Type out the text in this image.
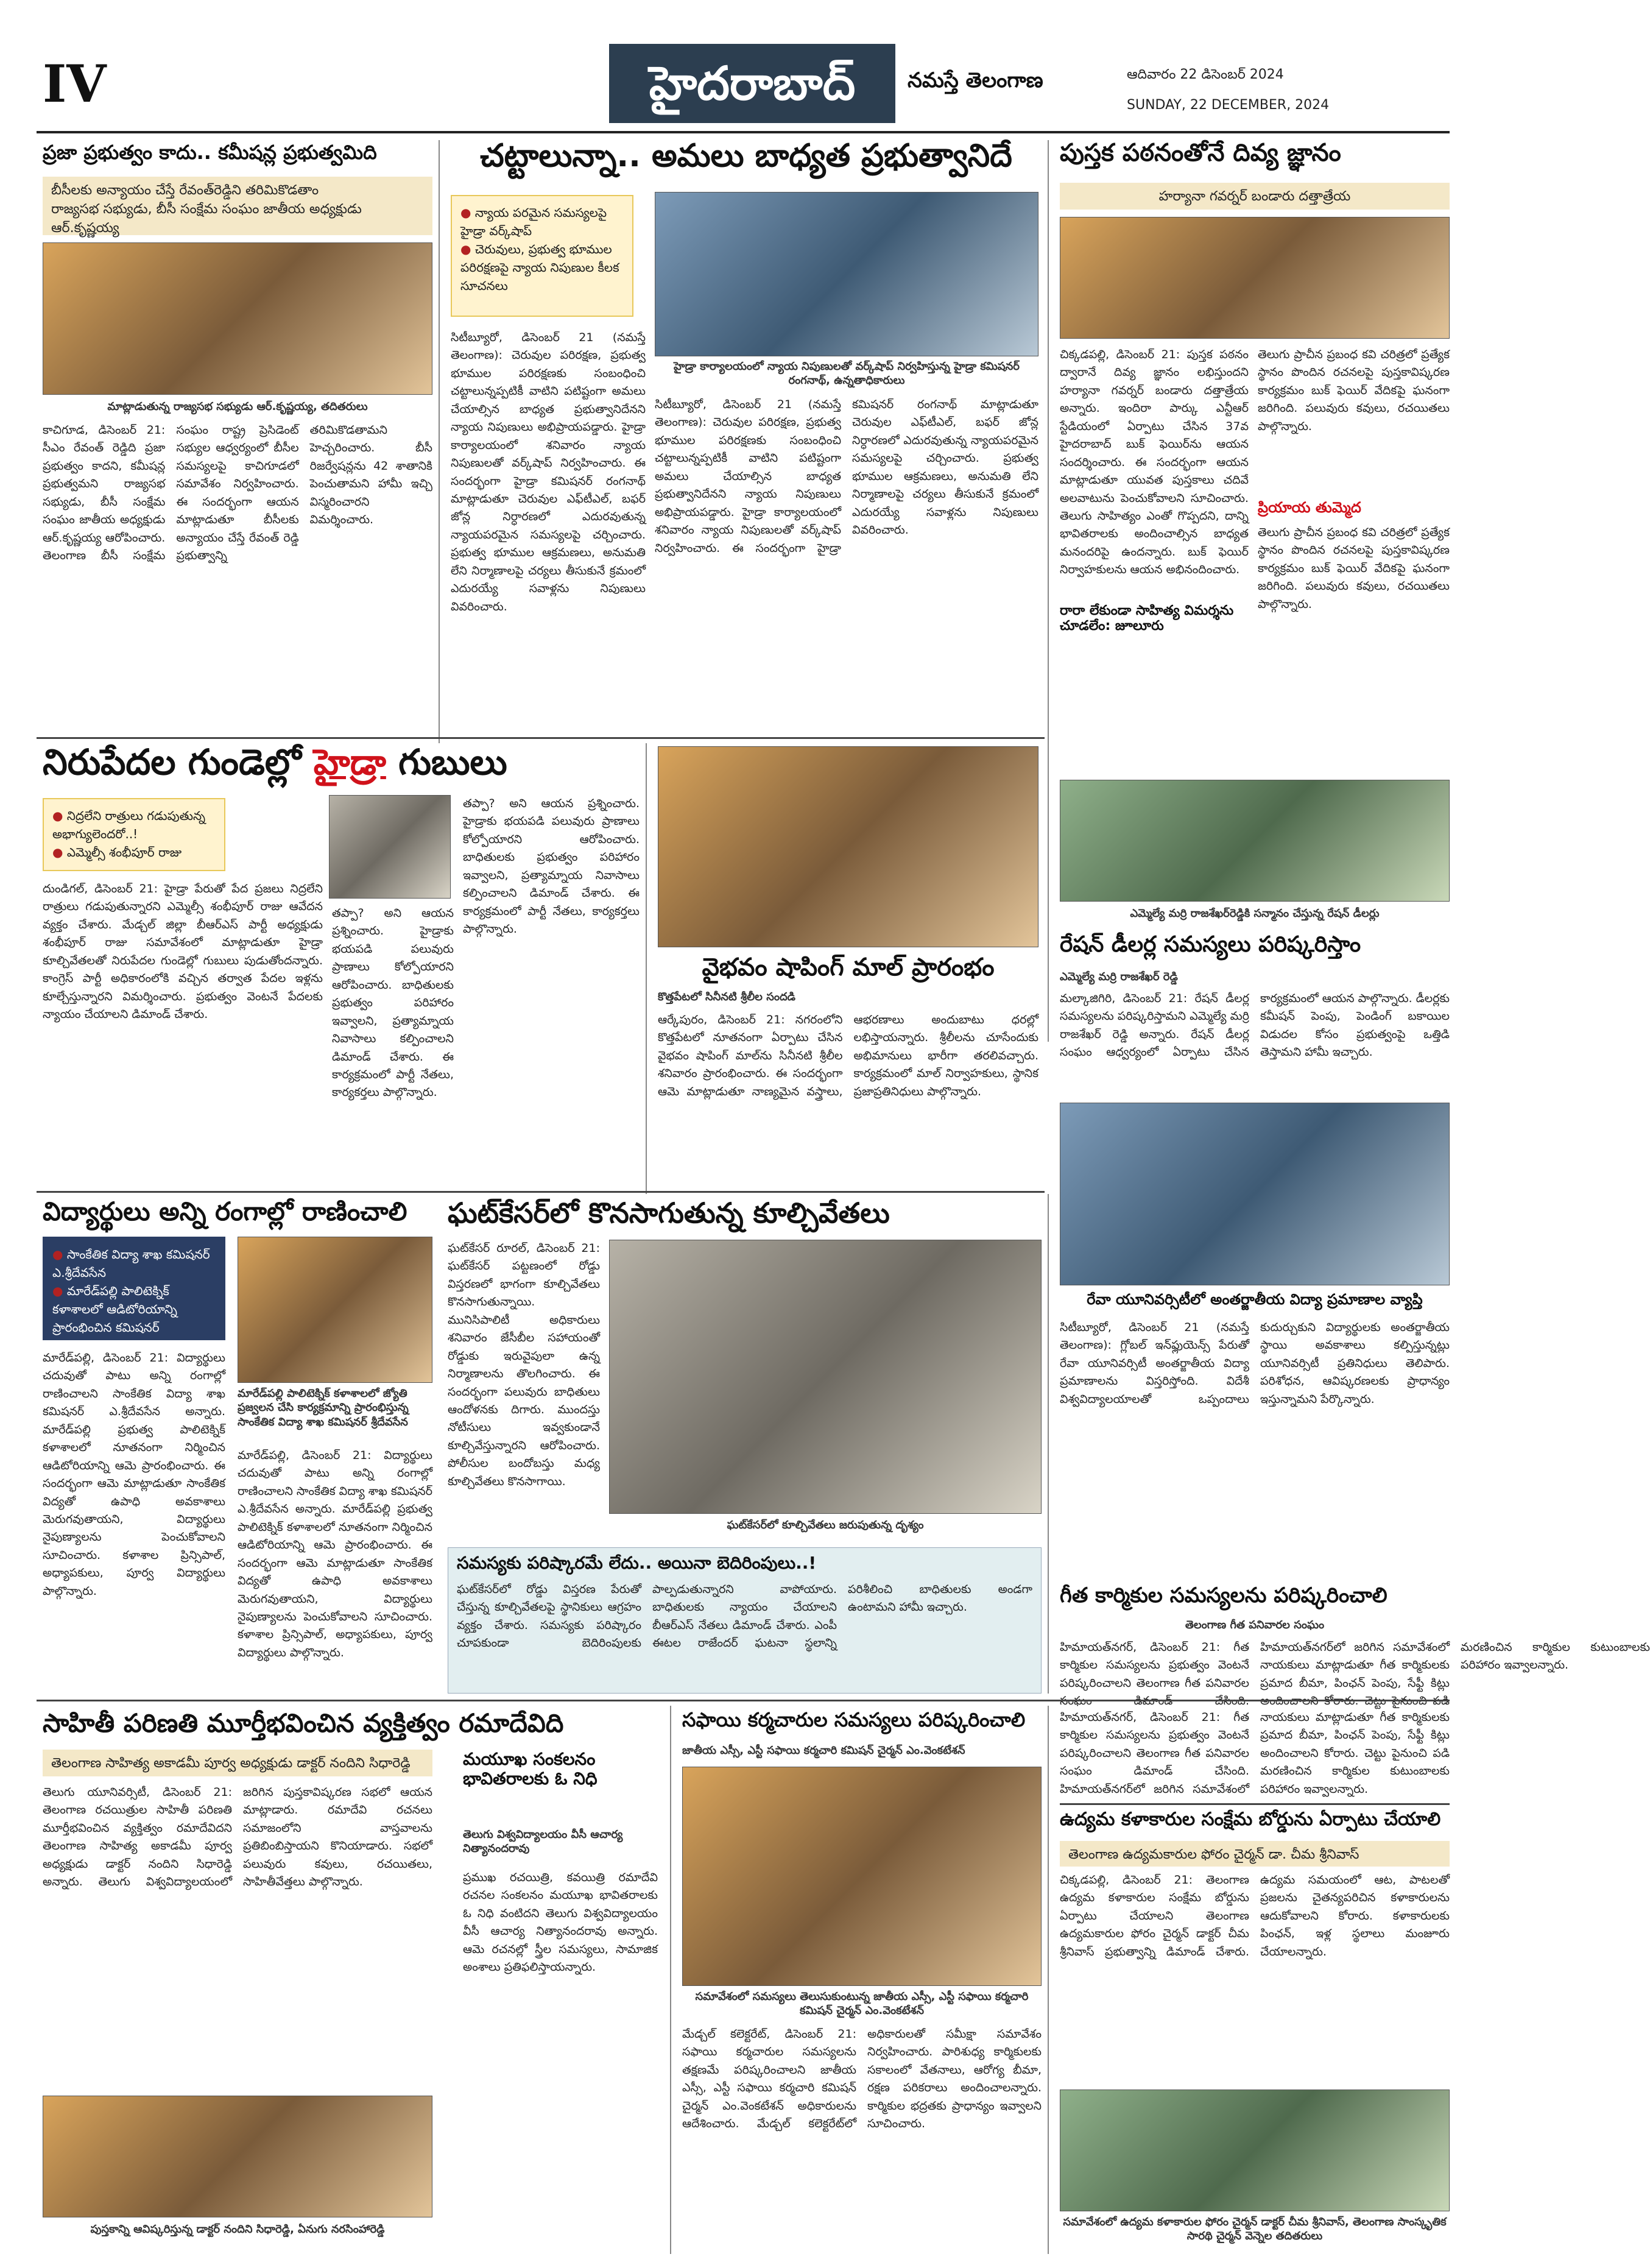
IV	హైదరాబాద్	నమస్తే తెలంగాణ	ఆదివారం 22 డిసెంబర్ 2024
SUNDAY, 22 DECEMBER, 2024
ప్రజా ప్రభుత్వం కాదు.. కమీషన్ల ప్రభుత్వమిది
బీసీలకు అన్యాయం చేస్తే రేవంత్‌రెడ్డిని తరిమికొడతాం
రాజ్యసభ సభ్యుడు, బీసీ సంక్షేమ సంఘం జాతీయ అధ్యక్షుడు ఆర్.కృష్ణయ్య
మాట్లాడుతున్న రాజ్యసభ సభ్యుడు ఆర్.కృష్ణయ్య, తదితరులు
కాచిగూడ, డిసెంబర్ 21: సీఎం రేవంత్ రెడ్డిది ప్రజా ప్రభుత్వం కాదని, కమీషన్ల ప్రభుత్వమని రాజ్యసభ సభ్యుడు, బీసీ సంక్షేమ సంఘం జాతీయ అధ్యక్షుడు ఆర్.కృష్ణయ్య ఆరోపించారు. తెలంగాణ బీసీ సంక్షేమ సంఘం రాష్ట్ర ప్రెసిడెంట్ సభ్యుల ఆధ్వర్యంలో బీసీల సమస్యలపై కాచిగూడలో సమావేశం నిర్వహించారు. ఈ సందర్భంగా ఆయన మాట్లాడుతూ బీసీలకు అన్యాయం చేస్తే రేవంత్ రెడ్డి ప్రభుత్వాన్ని తరిమికొడతామని హెచ్చరించారు. బీసీ రిజర్వేషన్లను 42 శాతానికి పెంచుతామని హామీ ఇచ్చి విస్మరించారని విమర్శించారు.
చట్టాలున్నా.. అమలు బాధ్యత ప్రభుత్వానిదే
● న్యాయ పరమైన సమస్యలపై హైడ్రా వర్క్‌షాప్
● చెరువులు, ప్రభుత్వ భూముల పరిరక్షణపై న్యాయ నిపుణుల కీలక సూచనలు
హైడ్రా కార్యాలయంలో న్యాయ నిపుణులతో వర్క్‌షాప్ నిర్వహిస్తున్న హైడ్రా కమిషనర్ రంగనాథ్, ఉన్నతాధికారులు
సిటీబ్యూరో, డిసెంబర్ 21 (నమస్తే తెలంగాణ): చెరువుల పరిరక్షణ, ప్రభుత్వ భూముల పరిరక్షణకు సంబంధించి చట్టాలున్నప్పటికీ వాటిని పటిష్టంగా అమలు చేయాల్సిన బాధ్యత ప్రభుత్వానిదేనని న్యాయ నిపుణులు అభిప్రాయపడ్డారు. హైడ్రా కార్యాలయంలో శనివారం న్యాయ నిపుణులతో వర్క్‌షాప్ నిర్వహించారు. ఈ సందర్భంగా హైడ్రా కమిషనర్ రంగనాథ్ మాట్లాడుతూ చెరువుల ఎఫ్‌టీఎల్, బఫర్ జోన్ల నిర్ధారణలో ఎదురవుతున్న న్యాయపరమైన సమస్యలపై చర్చించారు. ప్రభుత్వ భూముల ఆక్రమణలు, అనుమతి లేని నిర్మాణాలపై చర్యలు తీసుకునే క్రమంలో ఎదురయ్యే సవాళ్లను నిపుణులు వివరించారు.
సిటీబ్యూరో, డిసెంబర్ 21 (నమస్తే తెలంగాణ): చెరువుల పరిరక్షణ, ప్రభుత్వ భూముల పరిరక్షణకు సంబంధించి చట్టాలున్నప్పటికీ వాటిని పటిష్టంగా అమలు చేయాల్సిన బాధ్యత ప్రభుత్వానిదేనని న్యాయ నిపుణులు అభిప్రాయపడ్డారు. హైడ్రా కార్యాలయంలో శనివారం న్యాయ నిపుణులతో వర్క్‌షాప్ నిర్వహించారు. ఈ సందర్భంగా హైడ్రా కమిషనర్ రంగనాథ్ మాట్లాడుతూ చెరువుల ఎఫ్‌టీఎల్, బఫర్ జోన్ల నిర్ధారణలో ఎదురవుతున్న న్యాయపరమైన సమస్యలపై చర్చించారు. ప్రభుత్వ భూముల ఆక్రమణలు, అనుమతి లేని నిర్మాణాలపై చర్యలు తీసుకునే క్రమంలో ఎదురయ్యే సవాళ్లను నిపుణులు వివరించారు.
పుస్తక పఠనంతోనే దివ్య జ్ఞానం
హర్యానా గవర్నర్ బండారు దత్తాత్రేయ
చిక్కడపల్లి, డిసెంబర్ 21: పుస్తక పఠనం ద్వారానే దివ్య జ్ఞానం లభిస్తుందని హర్యానా గవర్నర్ బండారు దత్తాత్రేయ అన్నారు. ఇందిరా పార్కు ఎన్టీఆర్ స్టేడియంలో ఏర్పాటు చేసిన 37వ హైదరాబాద్ బుక్ ఫెయిర్‌ను ఆయన సందర్శించారు. ఈ సందర్భంగా ఆయన మాట్లాడుతూ యువత పుస్తకాలు చదివే అలవాటును పెంచుకోవాలని సూచించారు. తెలుగు సాహిత్యం ఎంతో గొప్పదని, దాన్ని భావితరాలకు అందించాల్సిన బాధ్యత మనందరిపై ఉందన్నారు. బుక్ ఫెయిర్ నిర్వాహకులను ఆయన అభినందించారు.
తెలుగు ప్రాచీన ప్రబంధ కవి చరిత్రలో ప్రత్యేక స్థానం పొందిన రచనలపై పుస్తకావిష్కరణ కార్యక్రమం బుక్ ఫెయిర్ వేదికపై ఘనంగా జరిగింది. పలువురు కవులు, రచయితలు పాల్గొన్నారు.
రారా లేకుండా సాహిత్య విమర్శను చూడలేం: జూలూరు
ప్రియాయ తుమ్మెద
తెలుగు ప్రాచీన ప్రబంధ కవి చరిత్రలో ప్రత్యేక స్థానం పొందిన రచనలపై పుస్తకావిష్కరణ కార్యక్రమం బుక్ ఫెయిర్ వేదికపై ఘనంగా జరిగింది. పలువురు కవులు, రచయితలు పాల్గొన్నారు.
నిరుపేదల గుండెల్లో హైడ్రా గుబులు
● నిద్రలేని రాత్రులు గడుపుతున్న అభాగ్యులెందరో..!
● ఎమ్మెల్సీ శంభీపూర్ రాజు
దుండిగల్, డిసెంబర్ 21: హైడ్రా పేరుతో పేద ప్రజలు నిద్రలేని రాత్రులు గడుపుతున్నారని ఎమ్మెల్సీ శంభీపూర్ రాజు ఆవేదన వ్యక్తం చేశారు. మేడ్చల్ జిల్లా బీఆర్ఎస్ పార్టీ అధ్యక్షుడు శంభీపూర్ రాజు సమావేశంలో మాట్లాడుతూ హైడ్రా కూల్చివేతలతో నిరుపేదల గుండెల్లో గుబులు పుడుతోందన్నారు. కాంగ్రెస్ పార్టీ అధికారంలోకి వచ్చిన తర్వాత పేదల ఇళ్లను కూల్చేస్తున్నారని విమర్శించారు. ప్రభుత్వం వెంటనే పేదలకు న్యాయం చేయాలని డిమాండ్ చేశారు.
తప్పా? అని ఆయన ప్రశ్నించారు. హైడ్రాకు భయపడి పలువురు ప్రాణాలు కోల్పోయారని ఆరోపించారు. బాధితులకు ప్రభుత్వం పరిహారం ఇవ్వాలని, ప్రత్యామ్నాయ నివాసాలు కల్పించాలని డిమాండ్ చేశారు. ఈ కార్యక్రమంలో పార్టీ నేతలు, కార్యకర్తలు పాల్గొన్నారు.
తప్పా? అని ఆయన ప్రశ్నించారు. హైడ్రాకు భయపడి పలువురు ప్రాణాలు కోల్పోయారని ఆరోపించారు. బాధితులకు ప్రభుత్వం పరిహారం ఇవ్వాలని, ప్రత్యామ్నాయ నివాసాలు కల్పించాలని డిమాండ్ చేశారు. ఈ కార్యక్రమంలో పార్టీ నేతలు, కార్యకర్తలు పాల్గొన్నారు.
వైభవం షాపింగ్ మాల్ ప్రారంభం
కొత్తపేటలో సినీనటి శ్రీలీల సందడి
ఆర్కేపురం, డిసెంబర్ 21: నగరంలోని కొత్తపేటలో నూతనంగా ఏర్పాటు చేసిన వైభవం షాపింగ్ మాల్‌ను సినీనటి శ్రీలీల శనివారం ప్రారంభించారు. ఈ సందర్భంగా ఆమె మాట్లాడుతూ నాణ్యమైన వస్త్రాలు, ఆభరణాలు అందుబాటు ధరల్లో లభిస్తాయన్నారు. శ్రీలీలను చూసేందుకు అభిమానులు భారీగా తరలివచ్చారు. కార్యక్రమంలో మాల్ నిర్వాహకులు, స్థానిక ప్రజాప్రతినిధులు పాల్గొన్నారు.
ఎమ్మెల్యే మర్రి రాజశేఖర్‌రెడ్డికి సన్మానం చేస్తున్న రేషన్ డీలర్లు
రేషన్ డీలర్ల సమస్యలు పరిష్కరిస్తాం
ఎమ్మెల్యే మర్రి రాజశేఖర్ రెడ్డి
మల్కాజిగిరి, డిసెంబర్ 21: రేషన్ డీలర్ల సమస్యలను పరిష్కరిస్తామని ఎమ్మెల్యే మర్రి రాజశేఖర్ రెడ్డి అన్నారు. రేషన్ డీలర్ల సంఘం ఆధ్వర్యంలో ఏర్పాటు చేసిన కార్యక్రమంలో ఆయన పాల్గొన్నారు. డీలర్లకు కమీషన్ పెంపు, పెండింగ్ బకాయిల విడుదల కోసం ప్రభుత్వంపై ఒత్తిడి తెస్తామని హామీ ఇచ్చారు.
రేవా యూనివర్సిటీలో అంతర్జాతీయ విద్యా ప్రమాణాల వ్యాప్తి
సిటీబ్యూరో, డిసెంబర్ 21 (నమస్తే తెలంగాణ): గ్లోబల్ ఇన్‌ఫ్లుయెన్స్ పేరుతో రేవా యూనివర్సిటీ అంతర్జాతీయ విద్యా ప్రమాణాలను విస్తరిస్తోంది. విదేశీ విశ్వవిద్యాలయాలతో ఒప్పందాలు కుదుర్చుకుని విద్యార్థులకు అంతర్జాతీయ స్థాయి అవకాశాలు కల్పిస్తున్నట్లు యూనివర్సిటీ ప్రతినిధులు తెలిపారు. పరిశోధన, ఆవిష్కరణలకు ప్రాధాన్యం ఇస్తున్నామని పేర్కొన్నారు.
విద్యార్థులు అన్ని రంగాల్లో రాణించాలి
● సాంకేతిక విద్యా శాఖ కమిషనర్ ఎ.శ్రీదేవసేన
● మారేడ్‌పల్లి పాలిటెక్నిక్ కళాశాలలో ఆడిటోరియాన్ని ప్రారంభించిన కమిషనర్
మారేడ్‌పల్లి పాలిటెక్నిక్ కళాశాలలో జ్యోతి ప్రజ్వలన చేసి కార్యక్రమాన్ని ప్రారంభిస్తున్న సాంకేతిక విద్యా శాఖ కమిషనర్ శ్రీదేవసేన
మారేడ్‌పల్లి, డిసెంబర్ 21: విద్యార్థులు చదువుతో పాటు అన్ని రంగాల్లో రాణించాలని సాంకేతిక విద్యా శాఖ కమిషనర్ ఎ.శ్రీదేవసేన అన్నారు. మారేడ్‌పల్లి ప్రభుత్వ పాలిటెక్నిక్ కళాశాలలో నూతనంగా నిర్మించిన ఆడిటోరియాన్ని ఆమె ప్రారంభించారు. ఈ సందర్భంగా ఆమె మాట్లాడుతూ సాంకేతిక విద్యతో ఉపాధి అవకాశాలు మెరుగవుతాయని, విద్యార్థులు నైపుణ్యాలను పెంచుకోవాలని సూచించారు. కళాశాల ప్రిన్సిపాల్, అధ్యాపకులు, పూర్వ విద్యార్థులు పాల్గొన్నారు.
మారేడ్‌పల్లి, డిసెంబర్ 21: విద్యార్థులు చదువుతో పాటు అన్ని రంగాల్లో రాణించాలని సాంకేతిక విద్యా శాఖ కమిషనర్ ఎ.శ్రీదేవసేన అన్నారు. మారేడ్‌పల్లి ప్రభుత్వ పాలిటెక్నిక్ కళాశాలలో నూతనంగా నిర్మించిన ఆడిటోరియాన్ని ఆమె ప్రారంభించారు. ఈ సందర్భంగా ఆమె మాట్లాడుతూ సాంకేతిక విద్యతో ఉపాధి అవకాశాలు మెరుగవుతాయని, విద్యార్థులు నైపుణ్యాలను పెంచుకోవాలని సూచించారు. కళాశాల ప్రిన్సిపాల్, అధ్యాపకులు, పూర్వ విద్యార్థులు పాల్గొన్నారు.
ఘట్‌కేసర్‌లో కొనసాగుతున్న కూల్చివేతలు
ఘట్‌కేసర్ రూరల్, డిసెంబర్ 21: ఘట్‌కేసర్ పట్టణంలో రోడ్డు విస్తరణలో భాగంగా కూల్చివేతలు కొనసాగుతున్నాయి. మునిసిపాలిటీ అధికారులు శనివారం జేసీబీల సహాయంతో రోడ్డుకు ఇరువైపులా ఉన్న నిర్మాణాలను తొలగించారు. ఈ సందర్భంగా పలువురు బాధితులు ఆందోళనకు దిగారు. ముందస్తు నోటీసులు ఇవ్వకుండానే కూల్చివేస్తున్నారని ఆరోపించారు. పోలీసుల బందోబస్తు మధ్య కూల్చివేతలు కొనసాగాయి.
ఘట్‌కేసర్‌లో కూల్చివేతలు జరుపుతున్న దృశ్యం
సమస్యకు పరిష్కారమే లేదు.. అయినా బెదిరింపులు..!
ఘట్‌కేసర్‌లో రోడ్డు విస్తరణ పేరుతో చేస్తున్న కూల్చివేతలపై స్థానికులు ఆగ్రహం వ్యక్తం చేశారు. సమస్యకు పరిష్కారం చూపకుండా బెదిరింపులకు పాల్పడుతున్నారని వాపోయారు. బాధితులకు న్యాయం చేయాలని బీఆర్ఎస్ నేతలు డిమాండ్ చేశారు. ఎంపీ ఈటల రాజేందర్ ఘటనా స్థలాన్ని పరిశీలించి బాధితులకు అండగా ఉంటామని హామీ ఇచ్చారు.	గీత కార్మికుల సమస్యలను పరిష్కరించాలి
తెలంగాణ గీత పనివారల సంఘం
హిమాయత్‌నగర్, డిసెంబర్ 21: గీత కార్మికుల సమస్యలను ప్రభుత్వం వెంటనే పరిష్కరించాలని తెలంగాణ గీత పనివారల హిమాయత్‌నగర్‌లో జరిగిన సమావేశంలో నాయకులు మాట్లాడుతూ గీత కార్మికులకు ప్రమాద బీమా, పింఛన్ పెంపు, సేఫ్టీ కిట్లు మరణించిన కార్మికుల కుటుంబాలకు పరిహారం ఇవ్వాలన్నారు.
సాహితీ పరిణతి మూర్తీభవించిన వ్యక్తిత్వం రమాదేవిది
తెలంగాణ సాహిత్య అకాడమీ పూర్వ అధ్యక్షుడు డాక్టర్ నందిని సిధారెడ్డి
తెలుగు యూనివర్సిటీ, డిసెంబర్ 21: తెలంగాణ రచయిత్రుల సాహితీ పరిణతి మూర్తీభవించిన వ్యక్తిత్వం రమాదేవిదని తెలంగాణ సాహిత్య అకాడమీ పూర్వ అధ్యక్షుడు డాక్టర్ నందిని సిధారెడ్డి అన్నారు. తెలుగు విశ్వవిద్యాలయంలో జరిగిన పుస్తకావిష్కరణ సభలో ఆయన మాట్లాడారు. రమాదేవి రచనలు సమాజంలోని వాస్తవాలను ప్రతిబింబిస్తాయని కొనియాడారు. సభలో పలువురు కవులు, రచయితలు, సాహితీవేత్తలు పాల్గొన్నారు.
మయూఖ సంకలనం భావితరాలకు ఓ నిధి
తెలుగు విశ్వవిద్యాలయం వీసీ ఆచార్య నిత్యానందరావు
ప్రముఖ రచయిత్రి, కవయిత్రి రమాదేవి రచనల సంకలనం మయూఖ భావితరాలకు ఓ నిధి వంటిదని తెలుగు విశ్వవిద్యాలయం వీసీ ఆచార్య నిత్యానందరావు అన్నారు. ఆమె రచనల్లో స్త్రీల సమస్యలు, సామాజిక అంశాలు ప్రతిఫలిస్తాయన్నారు.
పుస్తకాన్ని ఆవిష్కరిస్తున్న డాక్టర్ నందిని సిధారెడ్డి, ఏనుగు నరసింహారెడ్డి
సఫాయి కర్మచారుల సమస్యలు పరిష్కరించాలి
జాతీయ ఎస్సీ, ఎస్టీ సఫాయి కర్మచారి కమిషన్ చైర్మన్ ఎం.వెంకటేశన్
సమావేశంలో సమస్యలు తెలుసుకుంటున్న జాతీయ ఎస్సీ, ఎస్టీ సఫాయి కర్మచారి కమిషన్ చైర్మన్ ఎం.వెంకటేశన్
మేడ్చల్ కలెక్టరేట్, డిసెంబర్ 21: సఫాయి కర్మచారుల సమస్యలను తక్షణమే పరిష్కరించాలని జాతీయ ఎస్సీ, ఎస్టీ సఫాయి కర్మచారి కమిషన్ చైర్మన్ ఎం.వెంకటేశన్ అధికారులను ఆదేశించారు. మేడ్చల్ కలెక్టరేట్‌లో అధికారులతో సమీక్షా సమావేశం నిర్వహించారు. పారిశుధ్య కార్మికులకు సకాలంలో వేతనాలు, ఆరోగ్య బీమా, రక్షణ పరికరాలు అందించాలన్నారు. కార్మికుల భద్రతకు ప్రాధాన్యం ఇవ్వాలని సూచించారు.
హిమాయత్‌నగర్, డిసెంబర్ 21: గీత కార్మికుల సమస్యలను ప్రభుత్వం వెంటనే పరిష్కరించాలని తెలంగాణ గీత పనివారల సంఘం డిమాండ్ చేసింది. హిమాయత్‌నగర్‌లో జరిగిన సమావేశంలో నాయకులు మాట్లాడుతూ గీత కార్మికులకు ప్రమాద బీమా, పింఛన్ పెంపు, సేఫ్టీ కిట్లు అందించాలని కోరారు. చెట్టు పైనుంచి పడి మరణించిన కార్మికుల కుటుంబాలకు పరిహారం ఇవ్వాలన్నారు.
ఉద్యమ కళాకారుల సంక్షేమ బోర్డును ఏర్పాటు చేయాలి
తెలంగాణ ఉద్యమకారుల ఫోరం చైర్మన్ డా. చీమ శ్రీనివాస్
చిక్కడపల్లి, డిసెంబర్ 21: తెలంగాణ ఉద్యమ కళాకారుల సంక్షేమ బోర్డును ఏర్పాటు చేయాలని తెలంగాణ ఉద్యమకారుల ఫోరం చైర్మన్ డాక్టర్ చీమ శ్రీనివాస్ ప్రభుత్వాన్ని డిమాండ్ చేశారు. ఉద్యమ సమయంలో ఆట, పాటలతో ప్రజలను చైతన్యపరిచిన కళాకారులను ఆదుకోవాలని కోరారు. కళాకారులకు పింఛన్, ఇళ్ల స్థలాలు మంజూరు చేయాలన్నారు.
సమావేశంలో ఉద్యమ కళాకారుల ఫోరం చైర్మన్ డాక్టర్ చీమ శ్రీనివాస్, తెలంగాణ సాంస్కృతిక సారథి చైర్మన్ వెన్నెల తదితరులు
